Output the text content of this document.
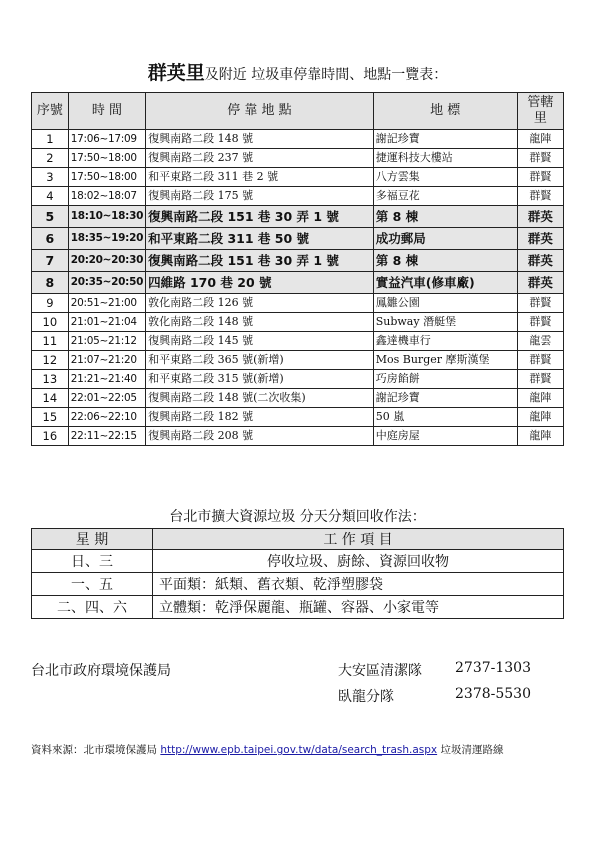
群英里及附近 垃圾車停靠時間、地點一覽表：
序號	時 間	停 靠 地 點	地 標	管轄里
1	17:06~17:09	復興南路二段 148 號	謝記珍寶	龍陣
2	17:50~18:00	復興南路二段 237 號	捷運科技大樓站	群賢
3	17:50~18:00	和平東路二段 311 巷 2 號	八方雲集	群賢
4	18:02~18:07	復興南路二段 175 號	多福豆花	群賢
5	18:10~18:30	復興南路二段 151 巷 30 弄 1 號	第 8 棟	群英
6	18:35~19:20	和平東路二段 311 巷 50 號	成功郵局	群英
7	20:20~20:30	復興南路二段 151 巷 30 弄 1 號	第 8 棟	群英
8	20:35~20:50	四維路 170 巷 20 號	實益汽車(修車廠)	群英
9	20:51~21:00	敦化南路二段 126 號	鳳雛公園	群賢
10	21:01~21:04	敦化南路二段 148 號	Subway 潛艇堡	群賢
11	21:05~21:12	復興南路二段 145 號	鑫達機車行	龍雲
12	21:07~21:20	和平東路二段 365 號(新增)	Mos Burger 摩斯漢堡	群賢
13	21:21~21:40	和平東路二段 315 號(新增)	巧房餡餅	群賢
14	22:01~22:05	復興南路二段 148 號(二次收集)	謝記珍寶	龍陣
15	22:06~22:10	復興南路二段 182 號	50 嵐	龍陣
16	22:11~22:15	復興南路二段 208 號	中庭房屋	龍陣
台北市擴大資源垃圾 分天分類回收作法：
星 期	工 作 項 目
日、三	停收垃圾、廚餘、資源回收物
一、五	平面類：紙類、舊衣類、乾淨塑膠袋
二、四、六	立體類：乾淨保麗龍、瓶罐、容器、小家電等
台北市政府環境保護局	大安區清潔隊 2737-1303
臥龍分隊	2378-5530
資料來源：北市環境保護局 http://www.epb.taipei.gov.tw/data/search_trash.aspx 垃圾清運路線
